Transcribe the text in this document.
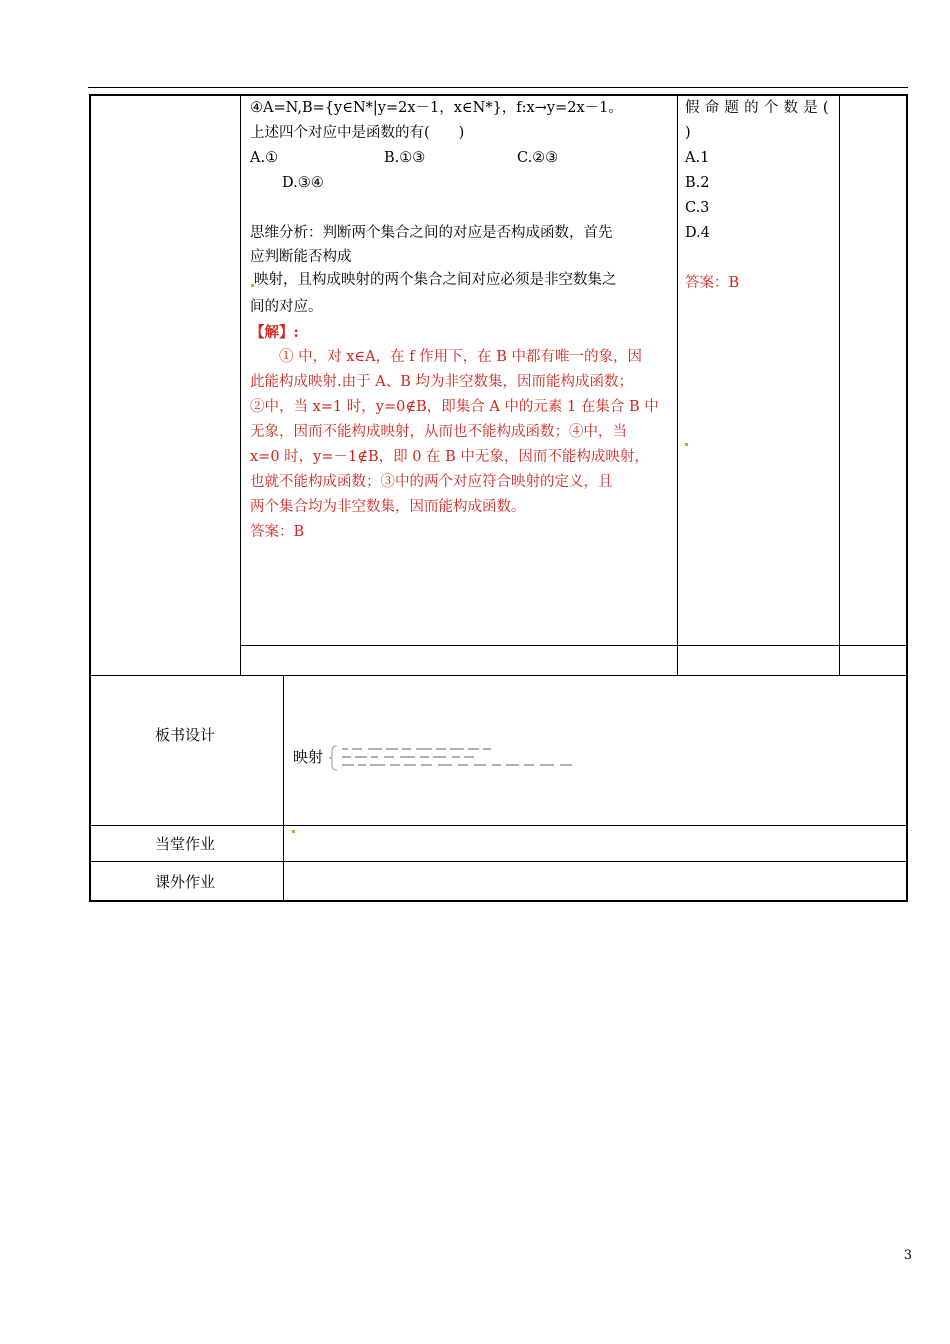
④A=N,B={y∈N*|y=2x－1，x∈N*}，f:x→y=2x－1。
上述四个对应中是函数的有(　　)
A.①	B.①③	C.②③
D.③④
思维分析：判断两个集合之间的对应是否构成函数，首先
应判断能否构成
映射，且构成映射的两个集合之间对应必须是非空数集之
间的对应。
【解】:
　　① 中，对 x∈A，在 f 作用下，在 B 中都有唯一的象，因
此能构成映射.由于 A、B 均为非空数集，因而能构成函数；
②中，当 x=1 时，y=0∉B，即集合 A 中的元素 1 在集合 B 中
无象，因而不能构成映射，从而也不能构成函数；④中，当
x=0 时，y=－1∉B，即 0 在 B 中无象，因而不能构成映射，
也就不能构成函数；③中的两个对应符合映射的定义，且
两个集合均为非空数集，因而能构成函数。
答案：B
假命题的个数是(
)
A.1
B.2
C.3
D.4
答案：B
板书设计
映射
当堂作业
课外作业
3
